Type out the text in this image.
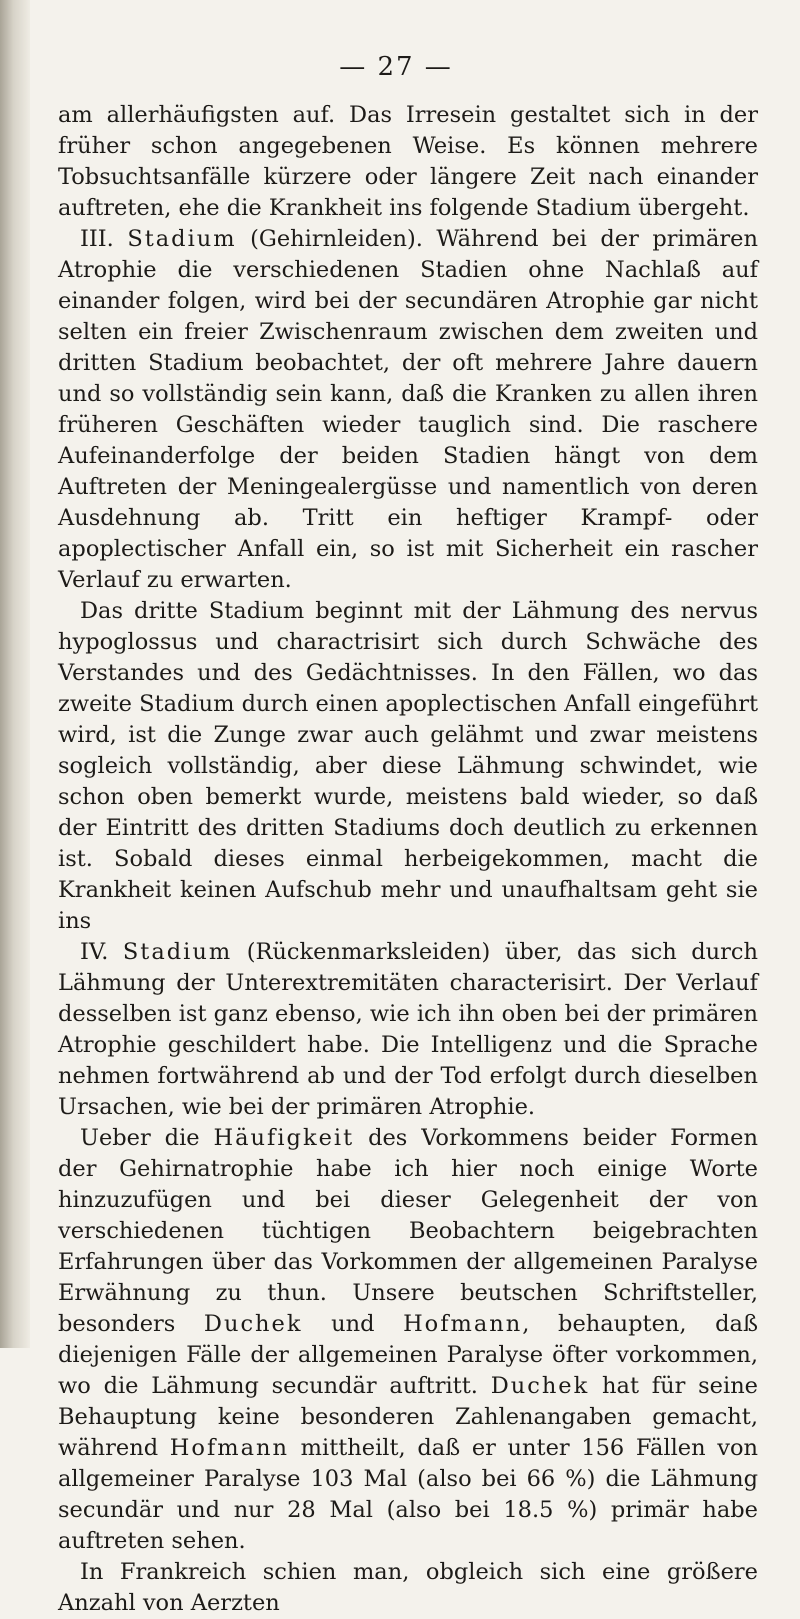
— 27 —

am allerhäufigsten auf. Das Irresein gestaltet sich in der früher schon angegebenen Weise. Es können mehrere Tobsuchtsanfälle kürzere oder längere Zeit nach einander auftreten, ehe die Krankheit ins folgende Stadium übergeht.

III. Stadium (Gehirnleiden). Während bei der primären Atrophie die verschiedenen Stadien ohne Nachlaß auf einander folgen, wird bei der secundären Atrophie gar nicht selten ein freier Zwischenraum zwischen dem zweiten und dritten Stadium beobachtet, der oft mehrere Jahre dauern und so vollständig sein kann, daß die Kranken zu allen ihren früheren Geschäften wieder tauglich sind. Die raschere Aufeinanderfolge der beiden Stadien hängt von dem Auftreten der Meningealergüsse und namentlich von deren Ausdehnung ab. Tritt ein heftiger Krampf- oder apoplectischer Anfall ein, so ist mit Sicherheit ein rascher Verlauf zu erwarten.

Das dritte Stadium beginnt mit der Lähmung des nervus hypoglossus und charactrisirt sich durch Schwäche des Verstandes und des Gedächtnisses. In den Fällen, wo das zweite Stadium durch einen apoplectischen Anfall eingeführt wird, ist die Zunge zwar auch gelähmt und zwar meistens sogleich vollständig, aber diese Lähmung schwindet, wie schon oben bemerkt wurde, meistens bald wieder, so daß der Eintritt des dritten Stadiums doch deutlich zu erkennen ist. Sobald dieses einmal herbeigekommen, macht die Krankheit keinen Aufschub mehr und unaufhaltsam geht sie ins

IV. Stadium (Rückenmarksleiden) über, das sich durch Lähmung der Unterextremitäten characterisirt. Der Verlauf desselben ist ganz ebenso, wie ich ihn oben bei der primären Atrophie geschildert habe. Die Intelligenz und die Sprache nehmen fortwährend ab und der Tod erfolgt durch dieselben Ursachen, wie bei der primären Atrophie.

Ueber die Häufigkeit des Vorkommens beider Formen der Gehirnatrophie habe ich hier noch einige Worte hinzuzufügen und bei dieser Gelegenheit der von verschiedenen tüchtigen Beobachtern beigebrachten Erfahrungen über das Vorkommen der allgemeinen Paralyse Erwähnung zu thun. Unsere beutschen Schriftsteller, besonders Duchek und Hofmann, behaupten, daß diejenigen Fälle der allgemeinen Paralyse öfter vorkommen, wo die Lähmung secundär auftritt. Duchek hat für seine Behauptung keine besonderen Zahlenangaben gemacht, während Hofmann mittheilt, daß er unter 156 Fällen von allgemeiner Paralyse 103 Mal (also bei 66 %) die Lähmung secundär und nur 28 Mal (also bei 18.5 %) primär habe auftreten sehen.

In Frankreich schien man, obgleich sich eine größere Anzahl von Aerzten
